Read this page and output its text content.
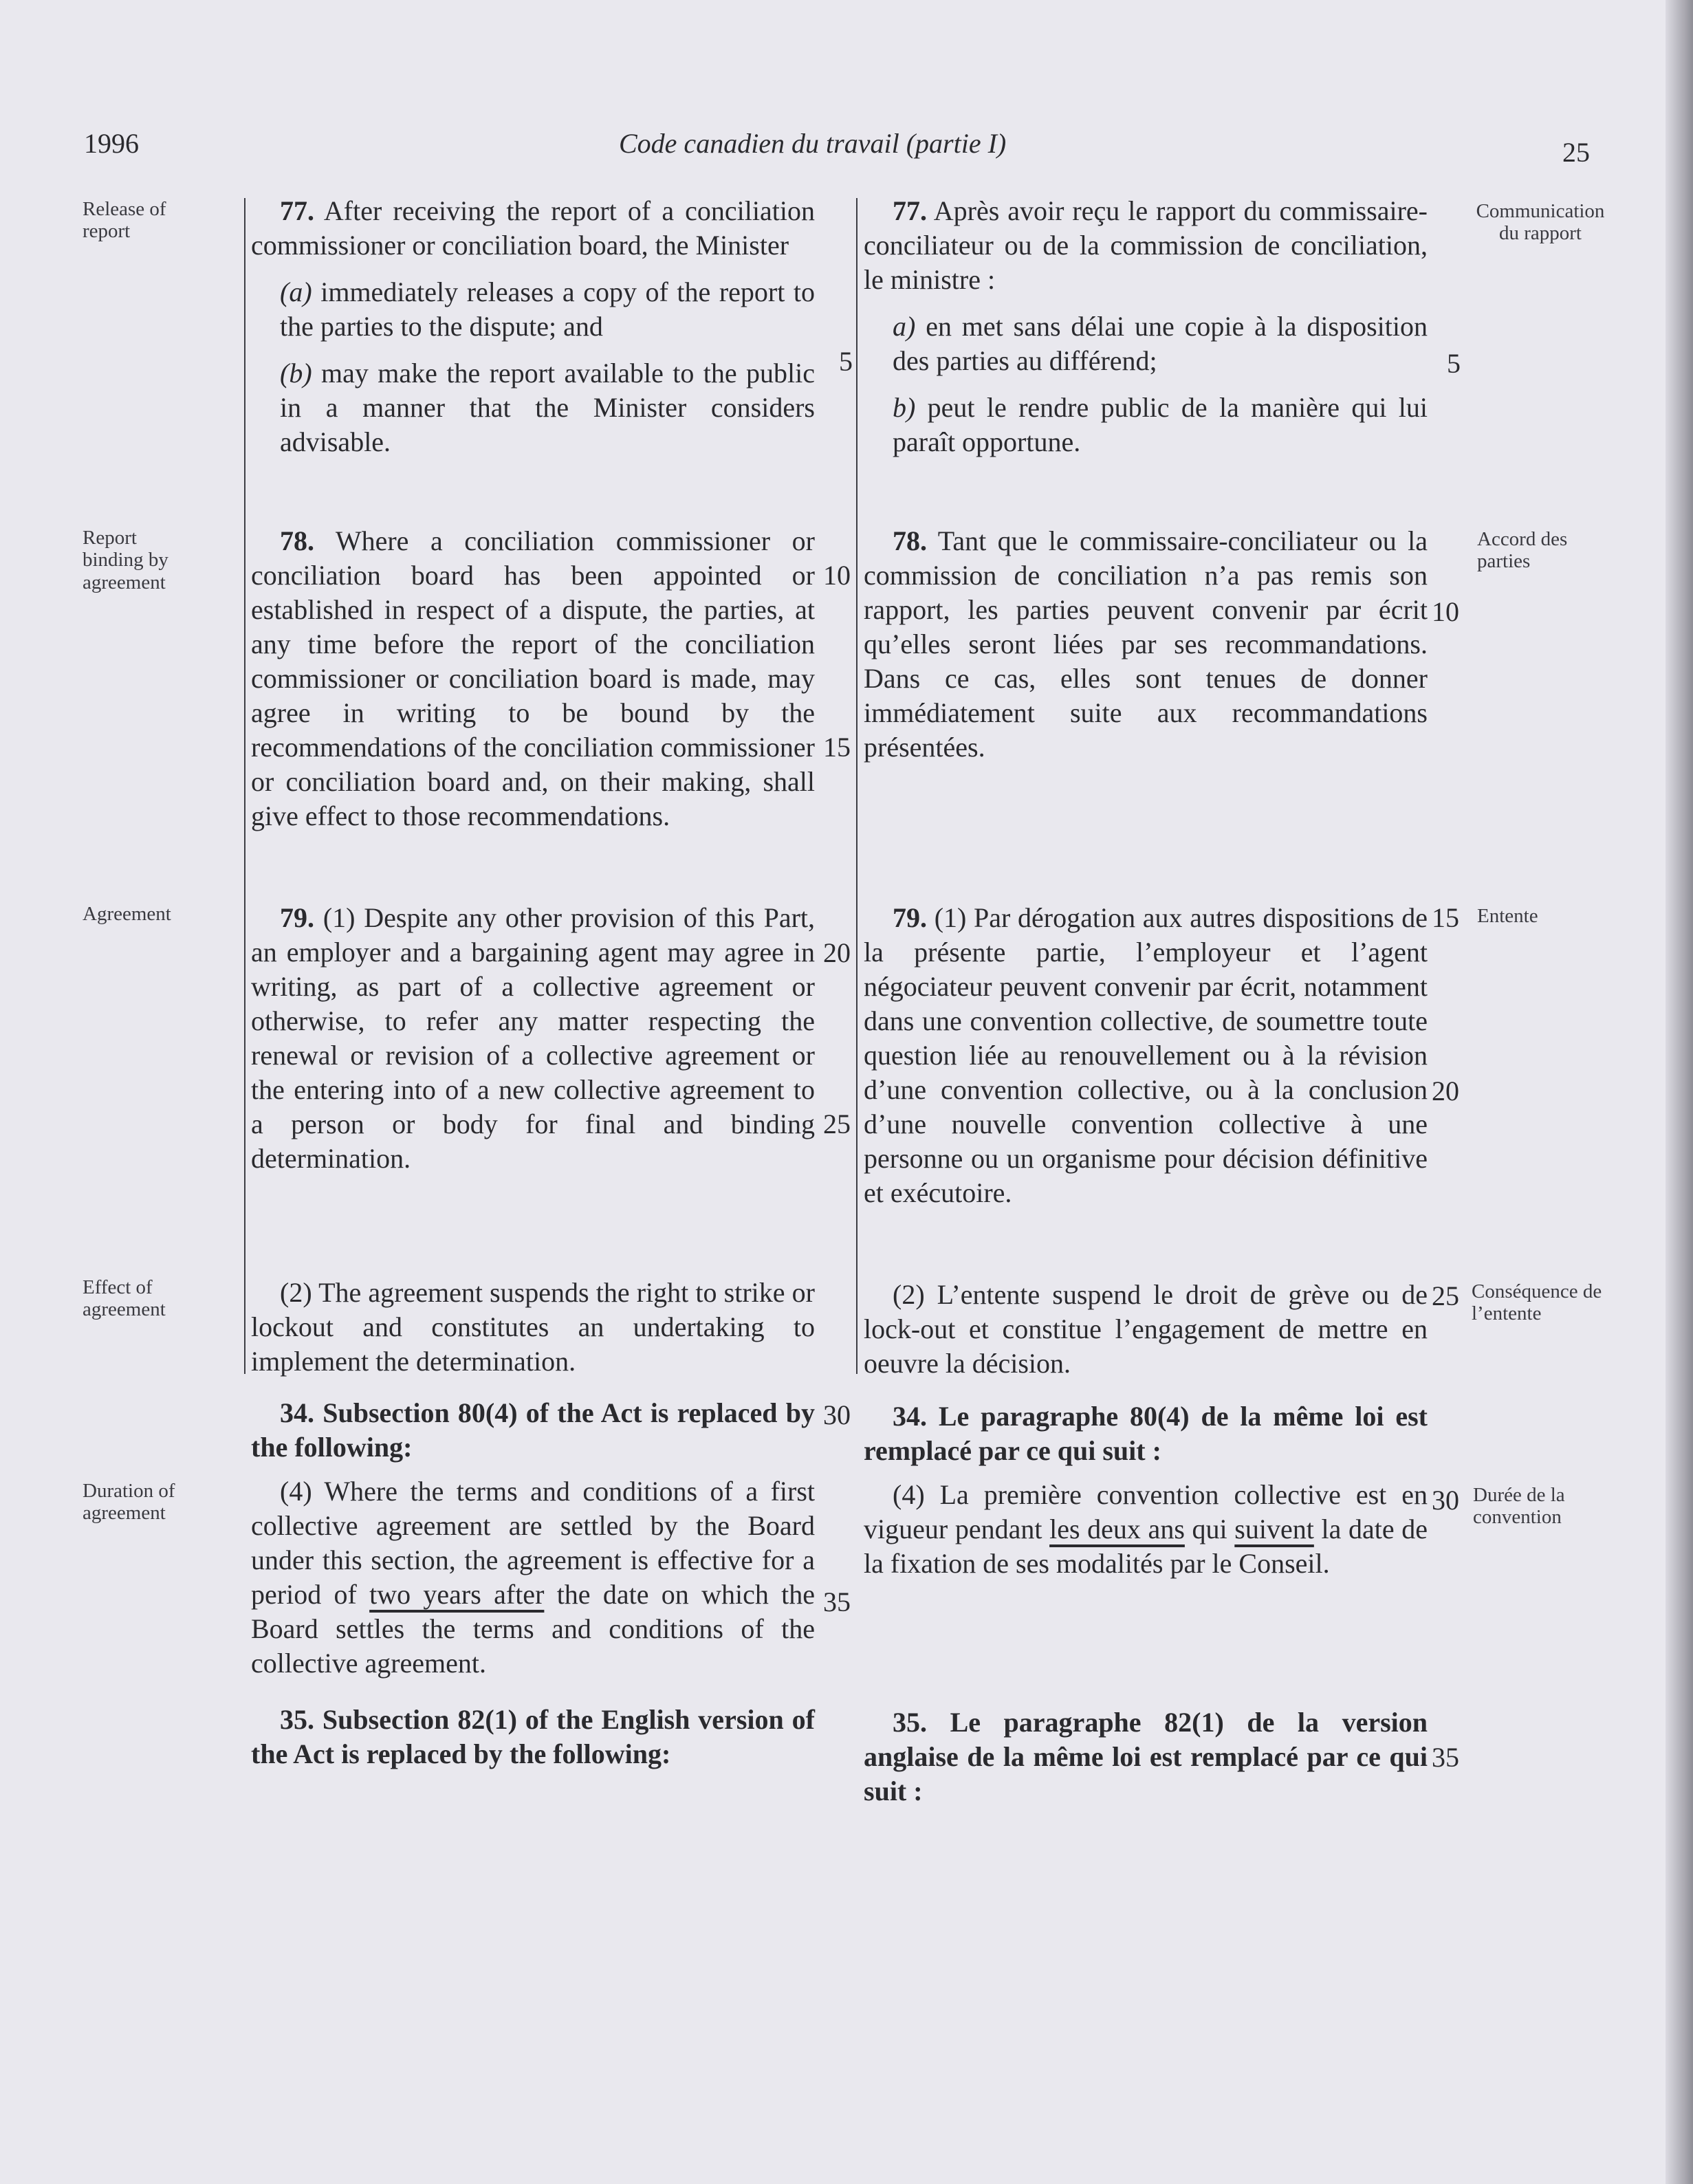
1996	Code canadien du travail (partie I)	25
Release of report
Report binding by agreement
Agreement
Effect of agreement
Duration of agreement
Communication du rapport
Accord des parties
Entente
Conséquence de l’entente
Durée de la convention

77. After receiving the report of a conciliation commissioner or conciliation board, the Minister

(a) immediately releases a copy of the report to the parties to the dispute; and

(b) may make the report available to the public in a manner that the Minister considers advisable.

78. Where a conciliation commissioner or conciliation board has been appointed or established in respect of a dispute, the parties, at any time before the report of the conciliation commissioner or conciliation board is made, may agree in writing to be bound by the recommendations of the conciliation commissioner or conciliation board and, on their making, shall give effect to those recommendations.

79. (1) Despite any other provision of this Part, an employer and a bargaining agent may agree in writing, as part of a collective agreement or otherwise, to refer any matter respecting the renewal or revision of a collective agreement or the entering into of a new collective agreement to a person or body for final and binding determination.

(2) The agreement suspends the right to strike or lockout and constitutes an undertaking to implement the determination.

34. Subsection 80(4) of the Act is replaced by the following:

(4) Where the terms and conditions of a first collective agreement are settled by the Board under this section, the agreement is effective for a period of two years after the date on which the Board settles the terms and conditions of the collective agreement.

35. Subsection 82(1) of the English version of the Act is replaced by the following:

5
10
15
20
25
30
35

77. Après avoir reçu le rapport du commissaire-conciliateur ou de la commission de conciliation, le ministre :

a) en met sans délai une copie à la disposition des parties au différend;

b) peut le rendre public de la manière qui lui paraît opportune.

78. Tant que le commissaire-conciliateur ou la commission de conciliation n’a pas remis son rapport, les parties peuvent convenir par écrit qu’elles seront liées par ses recommandations. Dans ce cas, elles sont tenues de donner immédiatement suite aux recommandations présentées.

79. (1) Par dérogation aux autres dispositions de la présente partie, l’employeur et l’agent négociateur peuvent convenir par écrit, notamment dans une convention collective, de soumettre toute question liée au renouvellement ou à la révision d’une convention collective, ou à la conclusion d’une nouvelle convention collective à une personne ou un organisme pour décision définitive et exécutoire.

(2) L’entente suspend le droit de grève ou de lock-out et constitue l’engagement de mettre en oeuvre la décision.

34. Le paragraphe 80(4) de la même loi est remplacé par ce qui suit :

(4) La première convention collective est en vigueur pendant les deux ans qui suivent la date de la fixation de ses modalités par le Conseil.

35. Le paragraphe 82(1) de la version anglaise de la même loi est remplacé par ce qui suit :

5
10
15
20
25
30
35
